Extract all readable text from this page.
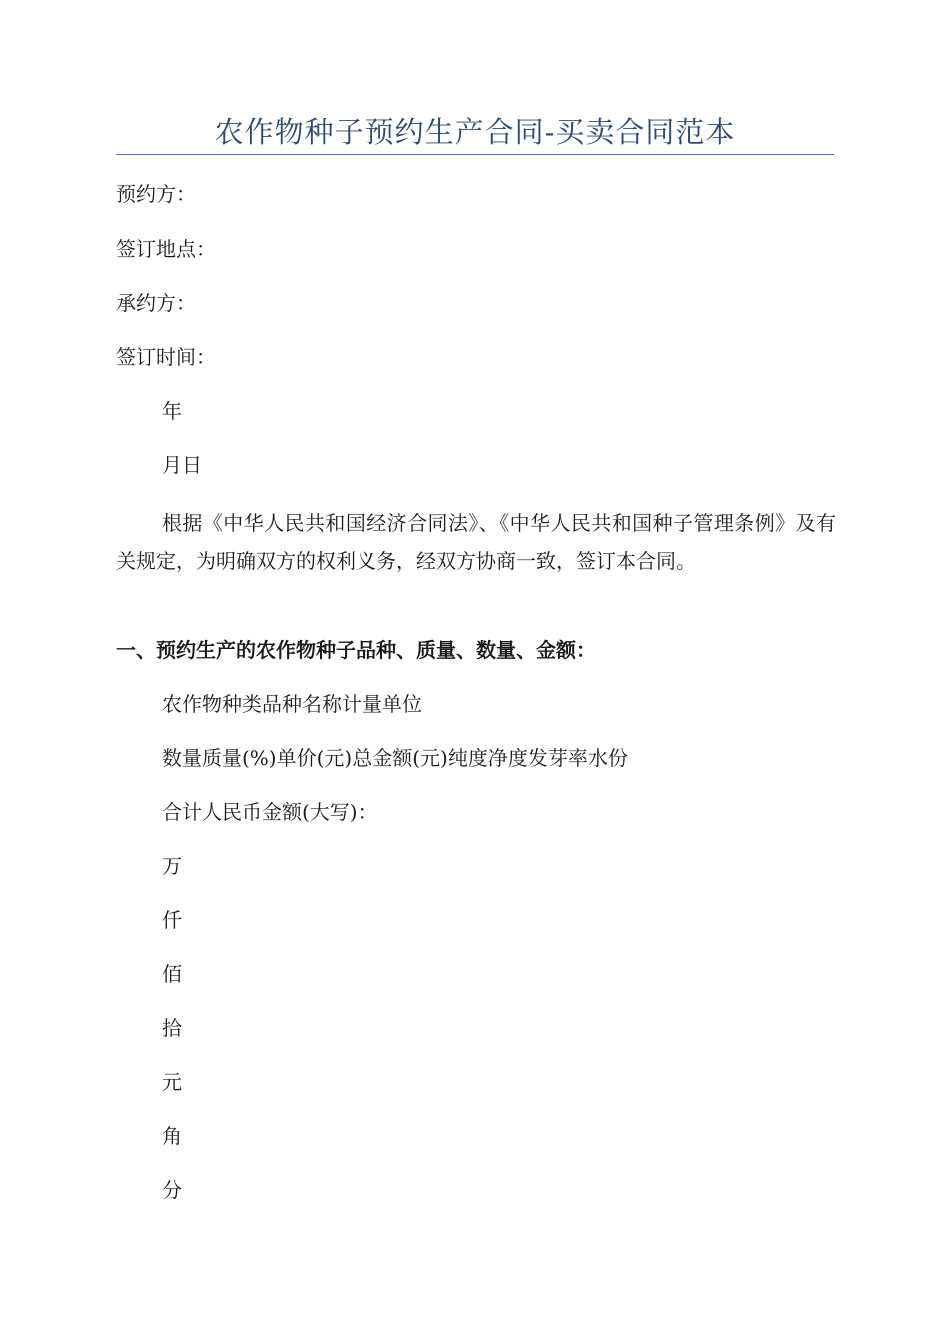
农作物种子预约生产合同-买卖合同范本
预约方：
签订地点：
承约方：
签订时间：
年
月日
根据《中华人民共和国经济合同法》、《中华人民共和国种子管理条例》及有关规定，为明确双方的权利义务，经双方协商一致，签订本合同。
一、预约生产的农作物种子品种、质量、数量、金额：
农作物种类品种名称计量单位
数量质量(%)单价(元)总金额(元)纯度净度发芽率水份
合计人民币金额(大写)：
万
仟
佰
拾
元
角
分
